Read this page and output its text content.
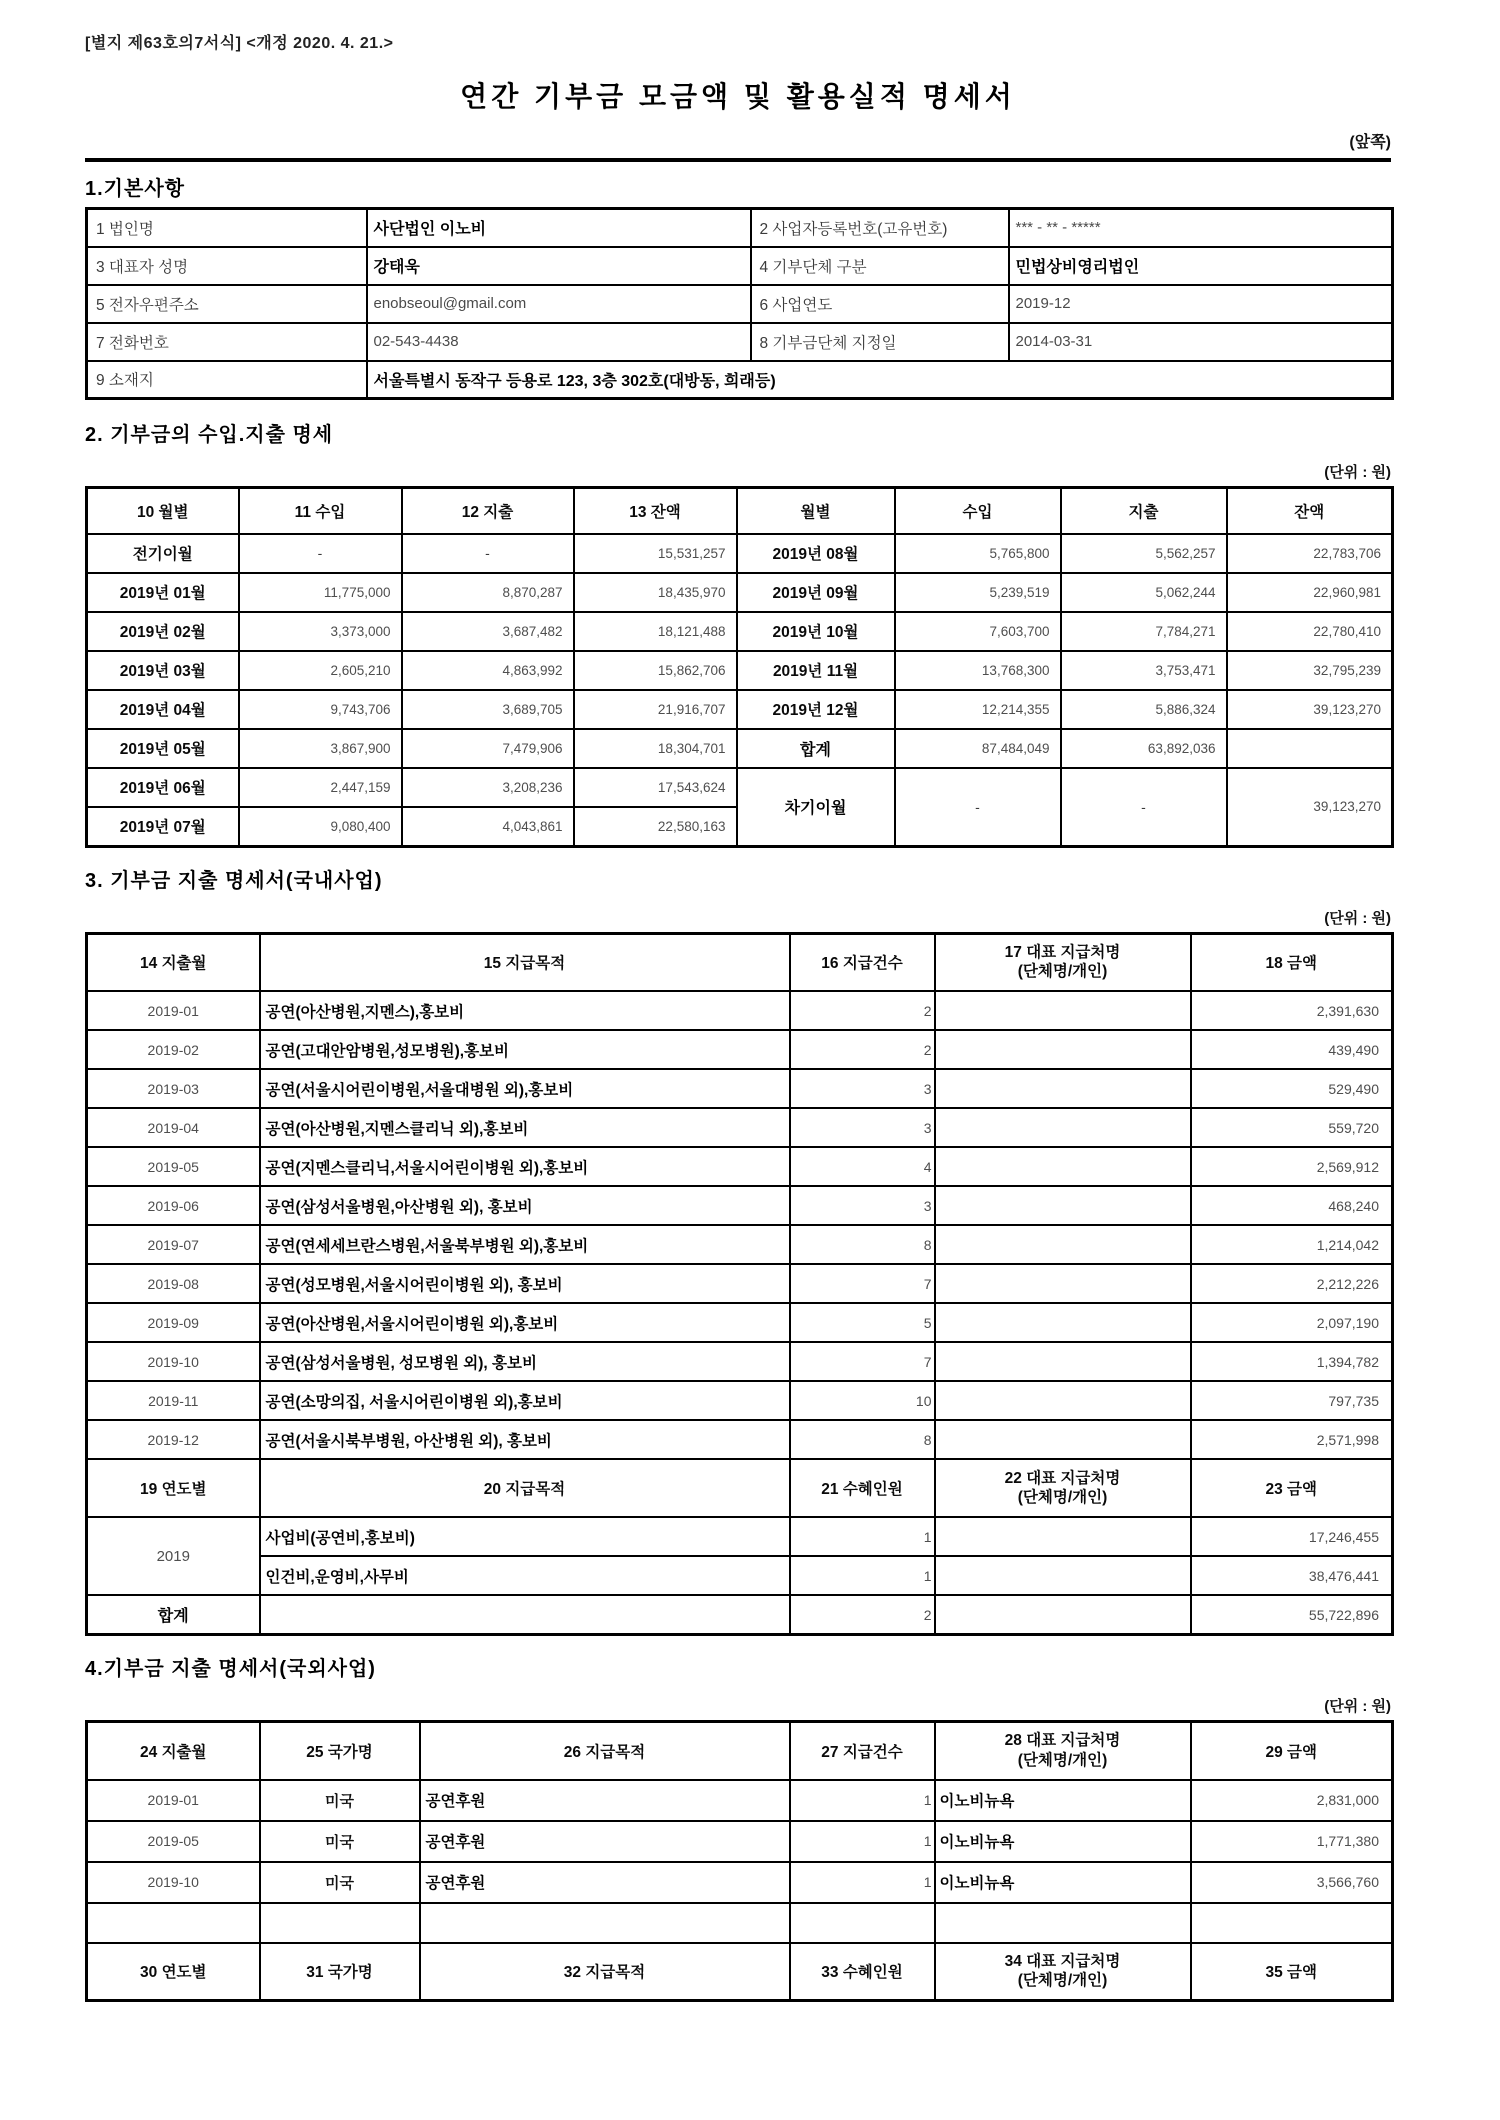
[별지 제63호의7서식] <개정 2020. 4. 21.>
연간 기부금 모금액 및 활용실적 명세서
(앞쪽)
1.기본사항
1 법인명	사단법인 이노비	2 사업자등록번호(고유번호)	*** - ** - *****
3 대표자 성명	강태욱	4 기부단체 구분	민법상비영리법인
5 전자우편주소	enobseoul@gmail.com	6 사업연도	2019-12
7 전화번호	02-543-4438	8 기부금단체 지정일	2014-03-31
9 소재지	서울특별시 동작구 등용로 123, 3층 302호(대방동, 희래등)		
2. 기부금의 수입.지출 명세
(단위 : 원)
10 월별	11 수입	12 지출	13 잔액	월별	수입	지출	잔액
전기이월	-	-	15,531,257	2019년 08월	5,765,800	5,562,257	22,783,706
2019년 01월	11,775,000	8,870,287	18,435,970	2019년 09월	5,239,519	5,062,244	22,960,981
2019년 02월	3,373,000	3,687,482	18,121,488	2019년 10월	7,603,700	7,784,271	22,780,410
2019년 03월	2,605,210	4,863,992	15,862,706	2019년 11월	13,768,300	3,753,471	32,795,239
2019년 04월	9,743,706	3,689,705	21,916,707	2019년 12월	12,214,355	5,886,324	39,123,270
2019년 05월	3,867,900	7,479,906	18,304,701	합계	87,484,049	63,892,036	
2019년 06월	2,447,159	3,208,236	17,543,624	차기이월	-	-	39,123,270
2019년 07월	9,080,400	4,043,861	22,580,163				
3. 기부금 지출 명세서(국내사업)
(단위 : 원)
14 지출월	15 지급목적	16 지급건수	17 대표 지급처명
(단체명/개인)	18 금액
2019-01	공연(아산병원,지멘스),홍보비	2		2,391,630
2019-02	공연(고대안암병원,성모병원),홍보비	2		439,490
2019-03	공연(서울시어린이병원,서울대병원 외),홍보비	3		529,490
2019-04	공연(아산병원,지멘스클리닉 외),홍보비	3		559,720
2019-05	공연(지멘스클리닉,서울시어린이병원 외),홍보비	4		2,569,912
2019-06	공연(삼성서울병원,아산병원 외), 홍보비	3		468,240
2019-07	공연(연세세브란스병원,서울북부병원 외),홍보비	8		1,214,042
2019-08	공연(성모병원,서울시어린이병원 외), 홍보비	7		2,212,226
2019-09	공연(아산병원,서울시어린이병원 외),홍보비	5		2,097,190
2019-10	공연(삼성서울병원, 성모병원 외), 홍보비	7		1,394,782
2019-11	공연(소망의집, 서울시어린이병원 외),홍보비	10		797,735
2019-12	공연(서울시북부병원, 아산병원 외), 홍보비	8		2,571,998
19 연도별	20 지급목적	21 수혜인원	22 대표 지급처명
(단체명/개인)	23 금액
2019	사업비(공연비,홍보비)	1		17,246,455
	인건비,운영비,사무비	1		38,476,441
합계		2		55,722,896
4.기부금 지출 명세서(국외사업)
(단위 : 원)
24 지출월	25 국가명	26 지급목적	27 지급건수	28 대표 지급처명
(단체명/개인)	29 금액
2019-01	미국	공연후원	1	이노비뉴욕	2,831,000
2019-05	미국	공연후원	1	이노비뉴욕	1,771,380
2019-10	미국	공연후원	1	이노비뉴욕	3,566,760

30 연도별	31 국가명	32 지급목적	33 수혜인원	34 대표 지급처명
(단체명/개인)	35 금액
